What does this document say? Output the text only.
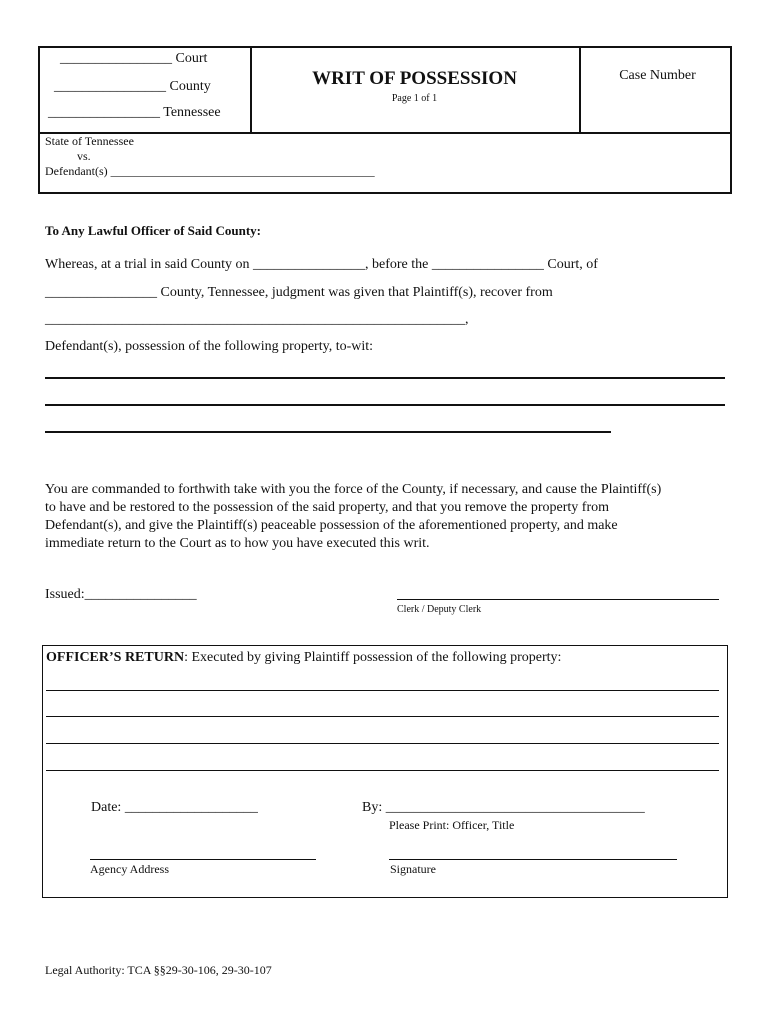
________________ Court
________________ County
________________ Tennessee
WRIT OF POSSESSION
Page 1 of 1
Case Number
State of Tennessee
vs.
Defendant(s) ____________________________________________
To Any Lawful Officer of Said County:
Whereas, at a trial in said County on ________________, before the ________________ Court, of
________________ County, Tennessee, judgment was given that Plaintiff(s), recover from
____________________________________________________________,
Defendant(s), possession of the following property, to-wit:
You are commanded to forthwith take with you the force of the County, if necessary, and cause the Plaintiff(s)
to have and be restored to the possession of the said property, and that you remove the property from
Defendant(s), and give the Plaintiff(s) peaceable possession of the aforementioned property, and make
immediate return to the Court as to how you have executed this writ.
Issued:________________
Clerk / Deputy Clerk
OFFICER’S RETURN: Executed by giving Plaintiff possession of the following property:
Date: ___________________	By: _____________________________________
Please Print: Officer, Title
Agency Address	Signature
Legal Authority: TCA §§29-30-106, 29-30-107
